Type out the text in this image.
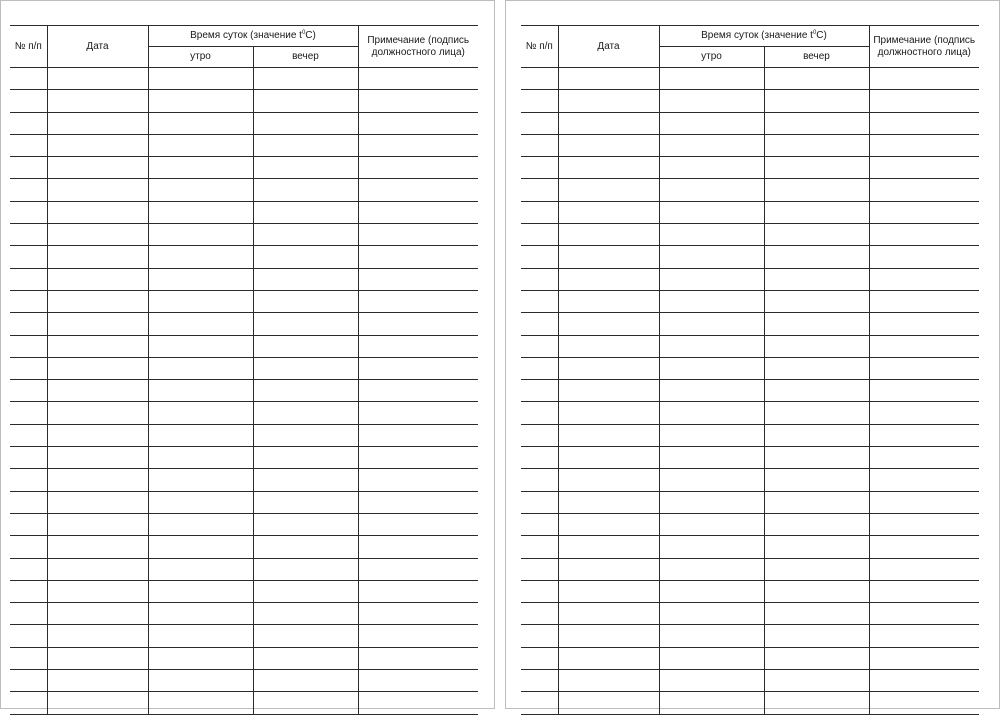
№ п/п	Дата	Время суток (значение $t^0C$)		Примечание (подпись
должностного лица)

		утро	вечер	

№ п/п	Дата	Время суток (значение $t^0C$)		Примечание (подпись
должностного лица)

		утро	вечер	
